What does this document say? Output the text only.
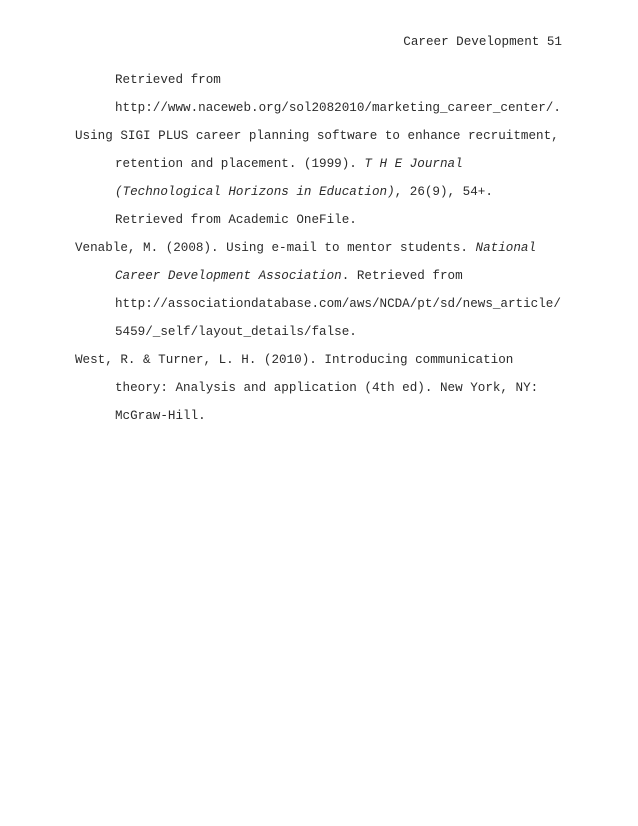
Career Development 51
Retrieved from
http://www.naceweb.org/sol2082010/marketing_career_center/.
Using SIGI PLUS career planning software to enhance recruitment,
retention and placement. (1999). T H E Journal
(Technological Horizons in Education), 26(9), 54+.
Retrieved from Academic OneFile.
Venable, M. (2008). Using e-mail to mentor students. National
Career Development Association. Retrieved from
http://associationdatabase.com/aws/NCDA/pt/sd/news_article/
5459/_self/layout_details/false.
West, R. & Turner, L. H. (2010). Introducing communication
theory: Analysis and application (4th ed). New York, NY:
McGraw-Hill.
